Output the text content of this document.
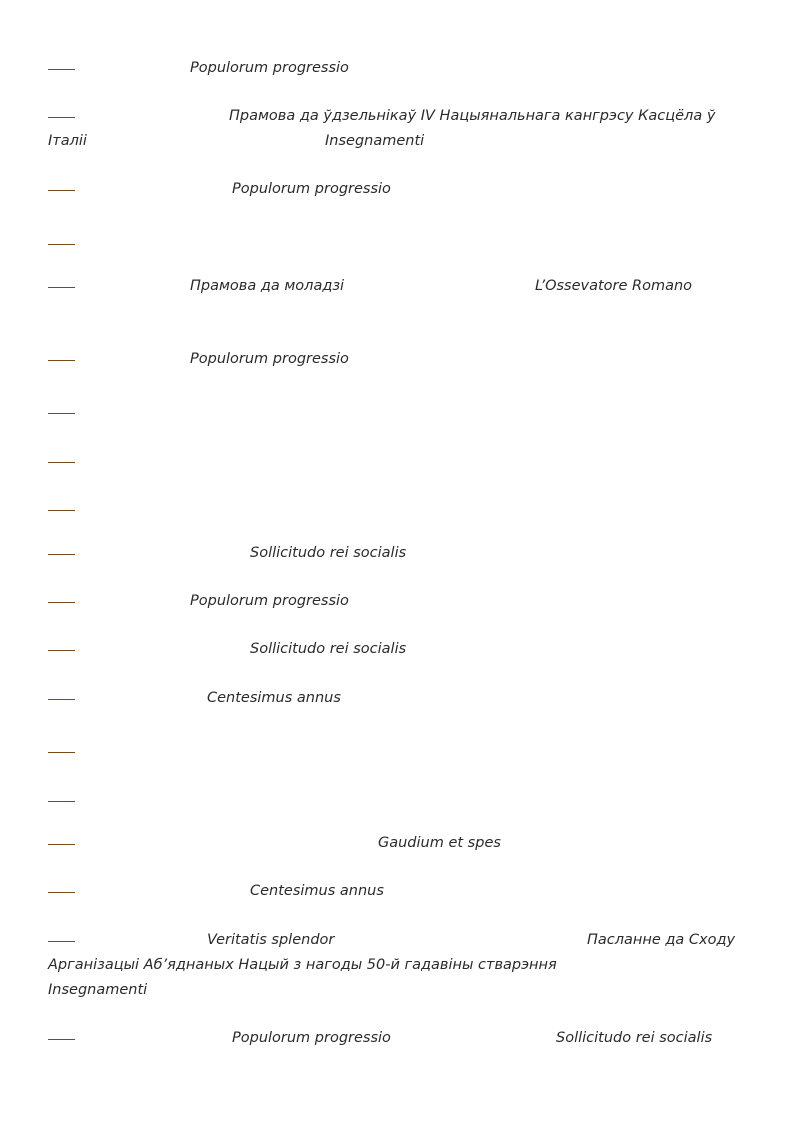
Populorum progressio
Прамова да ўдзельнікаў IV Нацыянальнага кангрэсу Касцёла ў
Італіі	Insegnamenti
Populorum progressio
Прамова да моладзі	L’Ossevatore Romano
Populorum progressio
Sollicitudo rei socialis
Populorum progressio
Sollicitudo rei socialis
Centesimus annus
Gaudium et spes
Centesimus annus
Veritatis splendor	Пасланне да Сходу
Арганізацыі Аб’яднаных Нацый з нагоды 50-й гадавіны стварэння
Insegnamenti
Populorum progressio	Sollicitudo rei socialis
